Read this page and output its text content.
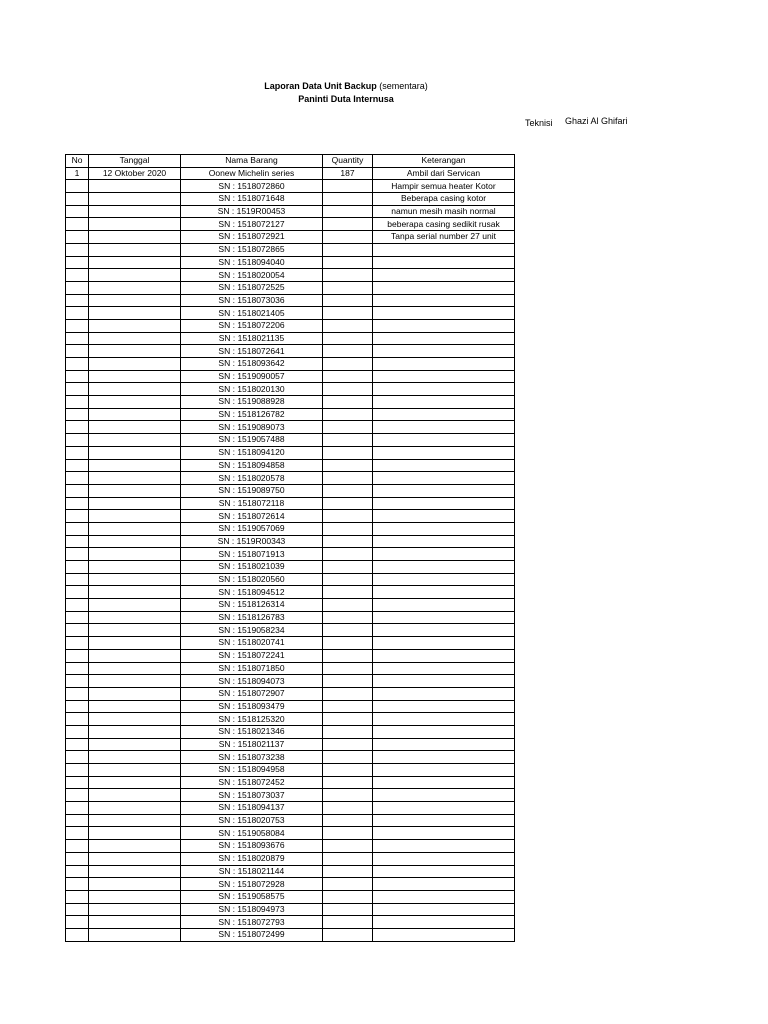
Laporan Data Unit Backup (sementara)
Paninti Duta Internusa
Teknisi Ghazi Al Ghifari
No	Tanggal	Nama Barang	Quantity	Keterangan
1	12 Oktober 2020	Oonew Michelin series	187	Ambil dari Servican
		SN : 1518072860		Hampir semua heater Kotor
		SN : 1518071648		Beberapa casing kotor
		SN : 1519R00453		namun mesih masih normal
		SN : 1518072127		beberapa casing sedikit rusak
		SN : 1518072921		Tanpa serial number 27 unit
		SN : 1518072865		
		SN : 1518094040		
		SN : 1518020054		
		SN : 1518072525		
		SN : 1518073036		
		SN : 1518021405		
		SN : 1518072206		
		SN : 1518021135		
		SN : 1518072641		
		SN : 1518093642		
		SN : 1519090057		
		SN : 1518020130		
		SN : 1519088928		
		SN : 1518126782		
		SN : 1519089073		
		SN : 1519057488		
		SN : 1518094120		
		SN : 1518094858		
		SN : 1518020578		
		SN : 1519089750		
		SN : 1518072118		
		SN : 1518072614		
		SN : 1519057069		
		SN : 1519R00343		
		SN : 1518071913		
		SN : 1518021039		
		SN : 1518020560		
		SN : 1518094512		
		SN : 1518126314		
		SN : 1518126783		
		SN : 1519058234		
		SN : 1518020741		
		SN : 1518072241		
		SN : 1518071850		
		SN : 1518094073		
		SN : 1518072907		
		SN : 1518093479		
		SN : 1518125320		
		SN : 1518021346		
		SN : 1518021137		
		SN : 1518073238		
		SN : 1518094958		
		SN : 1518072452		
		SN : 1518073037		
		SN : 1518094137		
		SN : 1518020753		
		SN : 1519058084		
		SN : 1518093676		
		SN : 1518020879		
		SN : 1518021144		
		SN : 1518072928		
		SN : 1519058575		
		SN : 1518094973		
		SN : 1518072793		
		SN : 1518072499		
